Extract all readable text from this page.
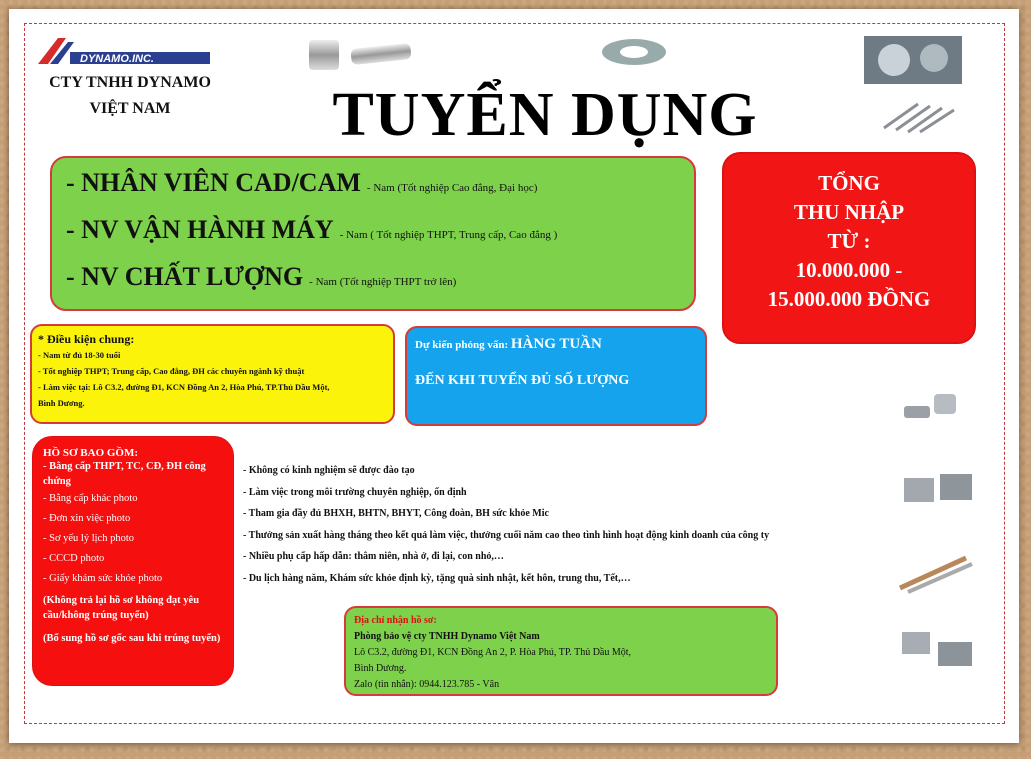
DYNAMO.INC.
CTY TNHH DYNAMO
VIỆT NAM	TUYỂN DỤNG
- NHÂN VIÊN CAD/CAM - Nam (Tốt nghiệp Cao đẳng, Đại học)
- NV VẬN HÀNH MÁY - Nam ( Tốt nghiệp THPT, Trung cấp, Cao đẳng )
- NV CHẤT LƯỢNG - Nam (Tốt nghiệp THPT trở lên)
TỔNG
THU NHẬP
TỪ :
10.000.000 -
15.000.000 ĐỒNG
* Điều kiện chung:
- Nam từ đủ 18-30 tuổi
- Tốt nghiệp THPT; Trung cấp, Cao đẳng, ĐH các chuyên ngành kỹ thuật
- Làm việc tại: Lô C3.2, đường Đ1, KCN Đồng An 2, Hòa Phú, TP.Thủ Dầu Một,
Bình Dương.
Dự kiến phỏng vấn: HÀNG TUẦN
ĐẾN KHI TUYỂN ĐỦ SỐ LƯỢNG
HỒ SƠ BAO GỒM:
- Bằng cấp THPT, TC, CĐ, ĐH công chứng
- Bằng cấp khác photo
- Đơn xin việc photo
- Sơ yếu lý lịch photo
- CCCD photo
- Giấy khám sức khỏe photo
(Không trả lại hồ sơ không đạt yêu cầu/không trúng tuyển)
(Bổ sung hồ sơ gốc sau khi trúng tuyển)
- Không có kinh nghiệm sẽ được đào tạo
- Làm việc trong môi trường chuyên nghiệp, ổn định
- Tham gia đầy đủ BHXH, BHTN, BHYT, Công đoàn, BH sức khỏe Mic
- Thưởng sản xuất hàng tháng theo kết quả làm việc, thưởng cuối năm cao theo tình hình hoạt động kinh doanh của công ty
- Nhiều phụ cấp hấp dẫn: thâm niên, nhà ở, đi lại, con nhỏ,…
- Du lịch hàng năm, Khám sức khỏe định kỳ, tặng quà sinh nhật, kết hôn, trung thu, Tết,…
Địa chỉ nhận hồ sơ:
Phòng bảo vệ cty TNHH Dynamo Việt Nam
Lô C3.2, đường Đ1, KCN Đồng An 2, P. Hòa Phú, TP. Thủ Dầu Một,
Bình Dương.
Zalo (tin nhắn): 0944.123.785 - Vân
